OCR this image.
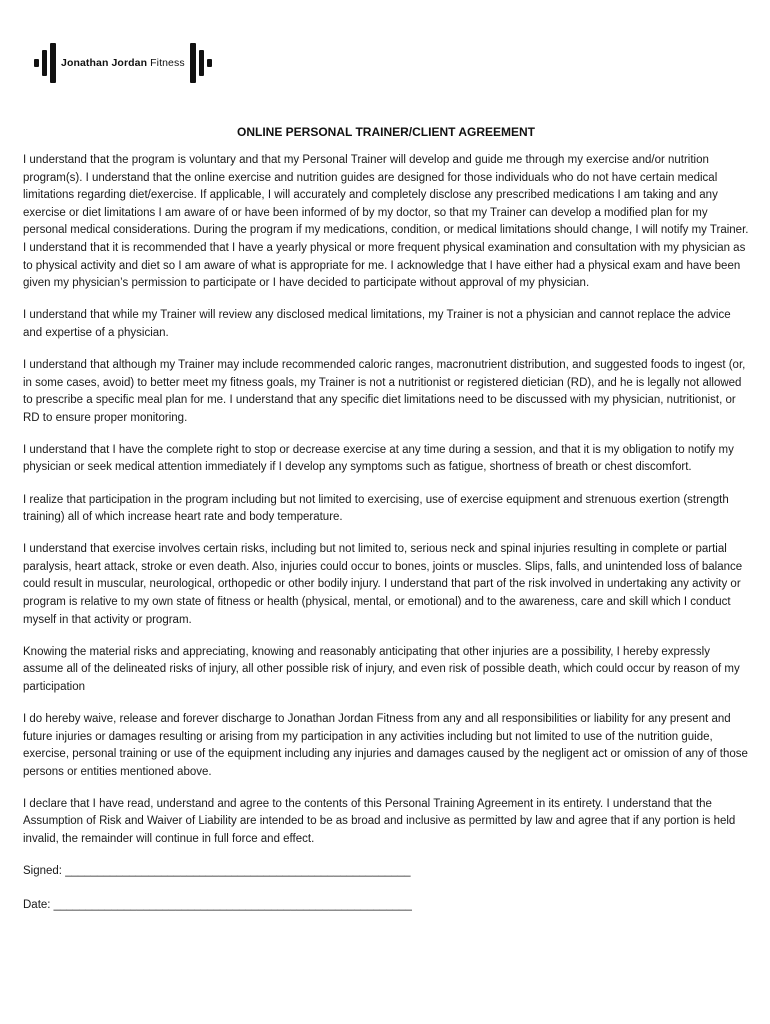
Jonathan Jordan Fitness
ONLINE PERSONAL TRAINER/CLIENT AGREEMENT

I understand that the program is voluntary and that my Personal Trainer will develop and guide me through my exercise and/or nutrition program(s). I understand that the online exercise and nutrition guides are designed for those individuals who do not have certain medical limitations regarding diet/exercise. If applicable, I will accurately and completely disclose any prescribed medications I am taking and any exercise or diet limitations I am aware of or have been informed of by my doctor, so that my Trainer can develop a modified plan for my personal medical considerations. During the program if my medications, condition, or medical limitations should change, I will notify my Trainer. I understand that it is recommended that I have a yearly physical or more frequent physical examination and consultation with my physician as to physical activity and diet so I am aware of what is appropriate for me. I acknowledge that I have either had a physical exam and have been given my physician’s permission to participate or I have decided to participate without approval of my physician.

I understand that while my Trainer will review any disclosed medical limitations, my Trainer is not a physician and cannot replace the advice and expertise of a physician.

I understand that although my Trainer may include recommended caloric ranges, macronutrient distribution, and suggested foods to ingest (or, in some cases, avoid) to better meet my fitness goals, my Trainer is not a nutritionist or registered dietician (RD), and he is legally not allowed to prescribe a specific meal plan for me. I understand that any specific diet limitations need to be discussed with my physician, nutritionist, or RD to ensure proper monitoring.

I understand that I have the complete right to stop or decrease exercise at any time during a session, and that it is my obligation to notify my physician or seek medical attention immediately if I develop any symptoms such as fatigue, shortness of breath or chest discomfort.

I realize that participation in the program including but not limited to exercising, use of exercise equipment and strenuous exertion (strength training) all of which increase heart rate and body temperature.

I understand that exercise involves certain risks, including but not limited to, serious neck and spinal injuries resulting in complete or partial paralysis, heart attack, stroke or even death. Also, injuries could occur to bones, joints or muscles. Slips, falls, and unintended loss of balance could result in muscular, neurological, orthopedic or other bodily injury. I understand that part of the risk involved in undertaking any activity or program is relative to my own state of fitness or health (physical, mental, or emotional) and to the awareness, care and skill which I conduct myself in that activity or program.

Knowing the material risks and appreciating, knowing and reasonably anticipating that other injuries are a possibility, I hereby expressly assume all of the delineated risks of injury, all other possible risk of injury, and even risk of possible death, which could occur by reason of my participation

I do hereby waive, release and forever discharge to Jonathan Jordan Fitness from any and all responsibilities or liability for any present and future injuries or damages resulting or arising from my participation in any activities including but not limited to use of the nutrition guide, exercise, personal training or use of the equipment including any injuries and damages caused by the negligent act or omission of any of those persons or entities mentioned above.

I declare that I have read, understand and agree to the contents of this Personal Training Agreement in its entirety. I understand that the Assumption of Risk and Waiver of Liability are intended to be as broad and inclusive as permitted by law and agree that if any portion is held invalid, the remainder will continue in full force and effect.

Signed: ______________________________________________________
Date: ________________________________________________________
